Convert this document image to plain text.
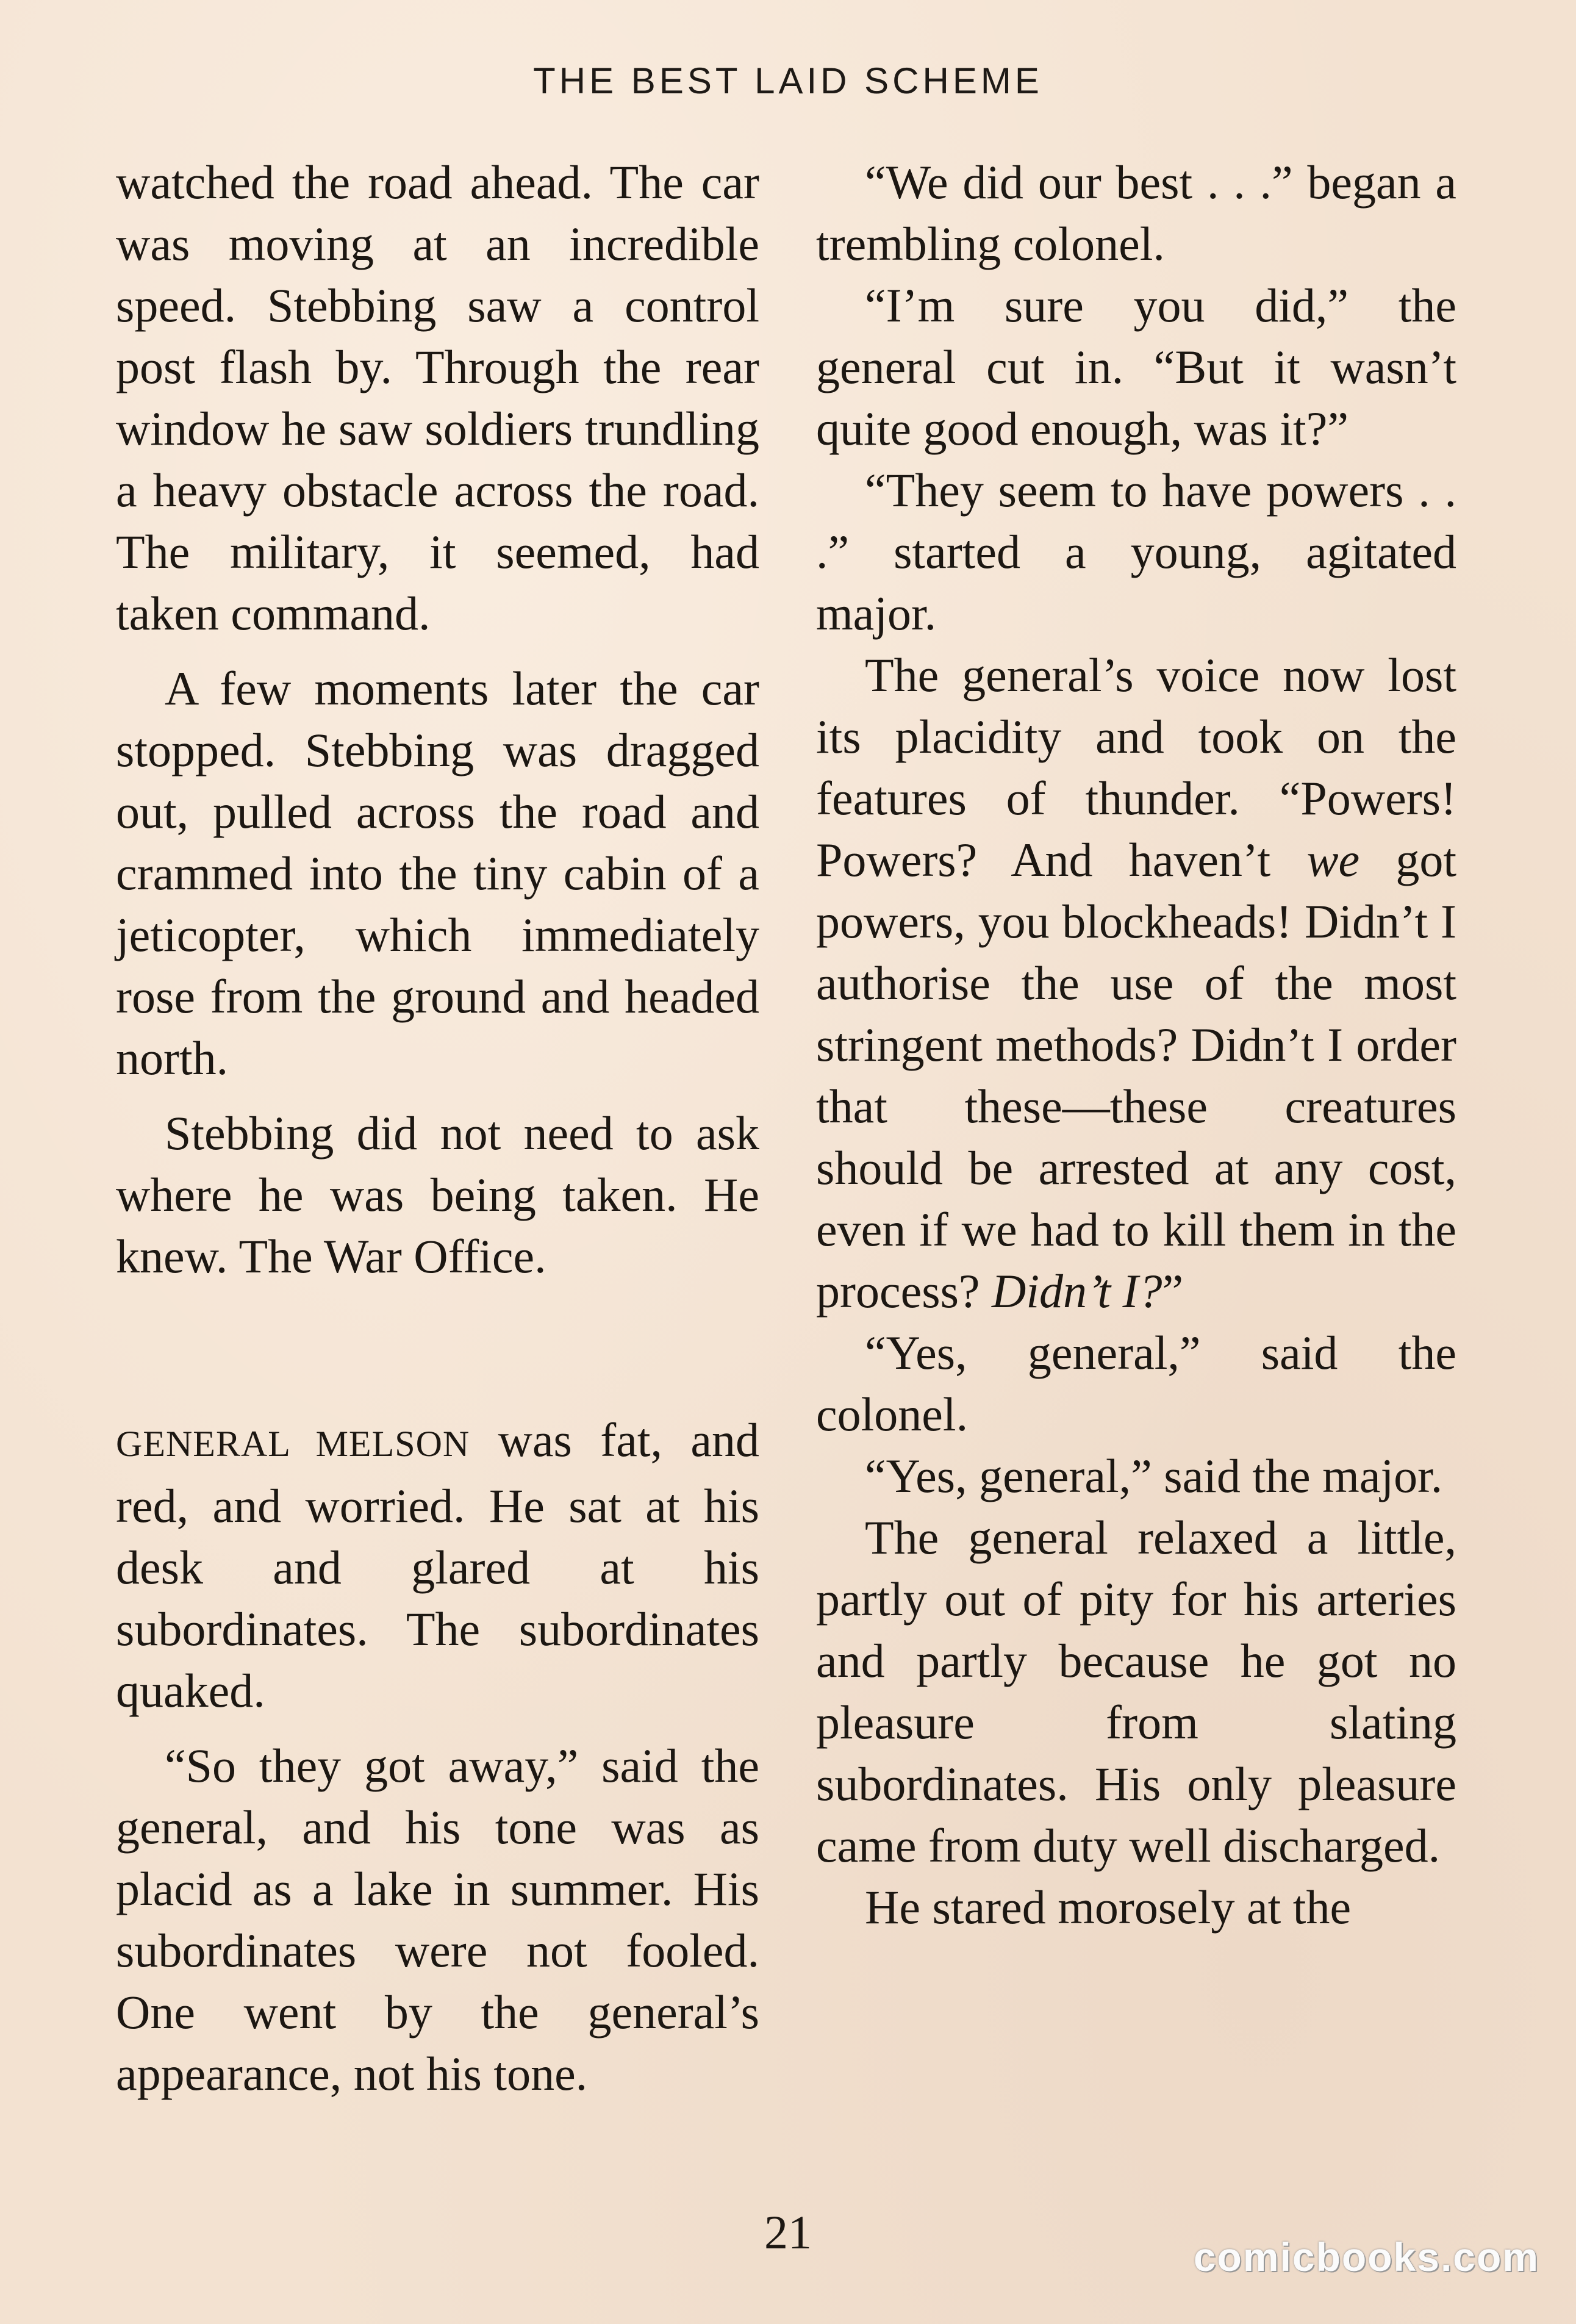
THE BEST LAID SCHEME

watched the road ahead. The car was moving at an incredible speed. Stebbing saw a control post flash by. Through the rear window he saw soldiers trundling a heavy obstacle across the road. The military, it seemed, had taken command.

A few moments later the car stopped. Stebbing was dragged out, pulled across the road and crammed into the tiny cabin of a jeticopter, which immediately rose from the ground and headed north.

Stebbing did not need to ask where he was being taken. He knew. The War Office.

GENERAL MELSON was fat, and red, and worried. He sat at his desk and glared at his subordinates. The subordinates quaked.

“So they got away,” said the general, and his tone was as placid as a lake in summer. His subordinates were not fooled. One went by the general’s appearance, not his tone.

“We did our best . . .” began a trembling colonel.

“I’m sure you did,” the general cut in. “But it wasn’t quite good enough, was it?”

“They seem to have powers . . .” started a young, agitated major.

The general’s voice now lost its placidity and took on the features of thunder. “Powers! Powers? And haven’t we got powers, you blockheads! Didn’t I authorise the use of the most stringent methods? Didn’t I order that these—these creatures should be arrested at any cost, even if we had to kill them in the process? Didn’t I?”

“Yes, general,” said the colonel.

“Yes, general,” said the major.

The general relaxed a little, partly out of pity for his arteries and partly because he got no pleasure from slating subordinates. His only pleasure came from duty well discharged.

He stared morosely at the

21	comicbooks.com
